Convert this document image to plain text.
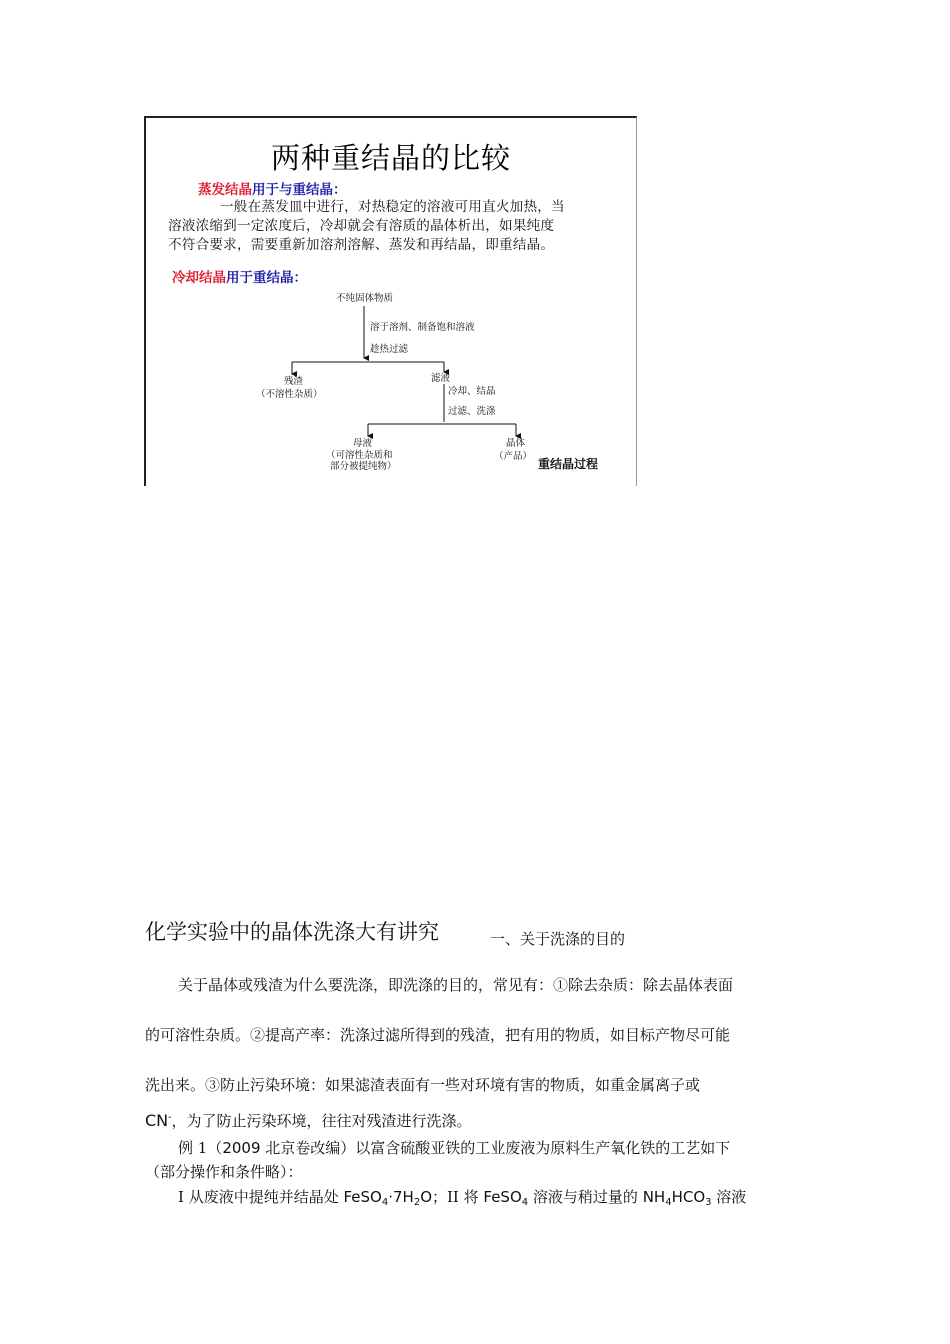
两种重结晶的比较
蒸发结晶用于与重结晶：
一般在蒸发皿中进行，对热稳定的溶液可用直火加热，当
溶液浓缩到一定浓度后，冷却就会有溶质的晶体析出，如果纯度
不符合要求，需要重新加溶剂溶解、蒸发和再结晶，即重结晶。
冷却结晶用于重结晶：
不纯固体物质
溶于溶剂、制备饱和溶液
趁热过滤
残渣
（不溶性杂质）
滤液
冷却、结晶
过滤、洗涤
母液
（可溶性杂质和
部分被提纯物）
晶体
（产品）
重结晶过程
化学实验中的晶体洗涤大有讲究	一、关于洗涤的目的
关于晶体或残渣为什么要洗涤，即洗涤的目的，常见有：①除去杂质：除去晶体表面
的可溶性杂质。②提高产率：洗涤过滤所得到的残渣，把有用的物质，如目标产物尽可能
洗出来。③防止污染环境：如果滤渣表面有一些对环境有害的物质，如重金属离子或
CN-，为了防止污染环境，往往对残渣进行洗涤。
例 1（2009 北京卷改编）以富含硫酸亚铁的工业废液为原料生产氧化铁的工艺如下
（部分操作和条件略）：
I 从废液中提纯并结晶处 $FeSO_4\cdot 7H_2O$；II 将 FeSO$_4$ 溶液与稍过量的 $NH_4HCO_3$ 溶液
